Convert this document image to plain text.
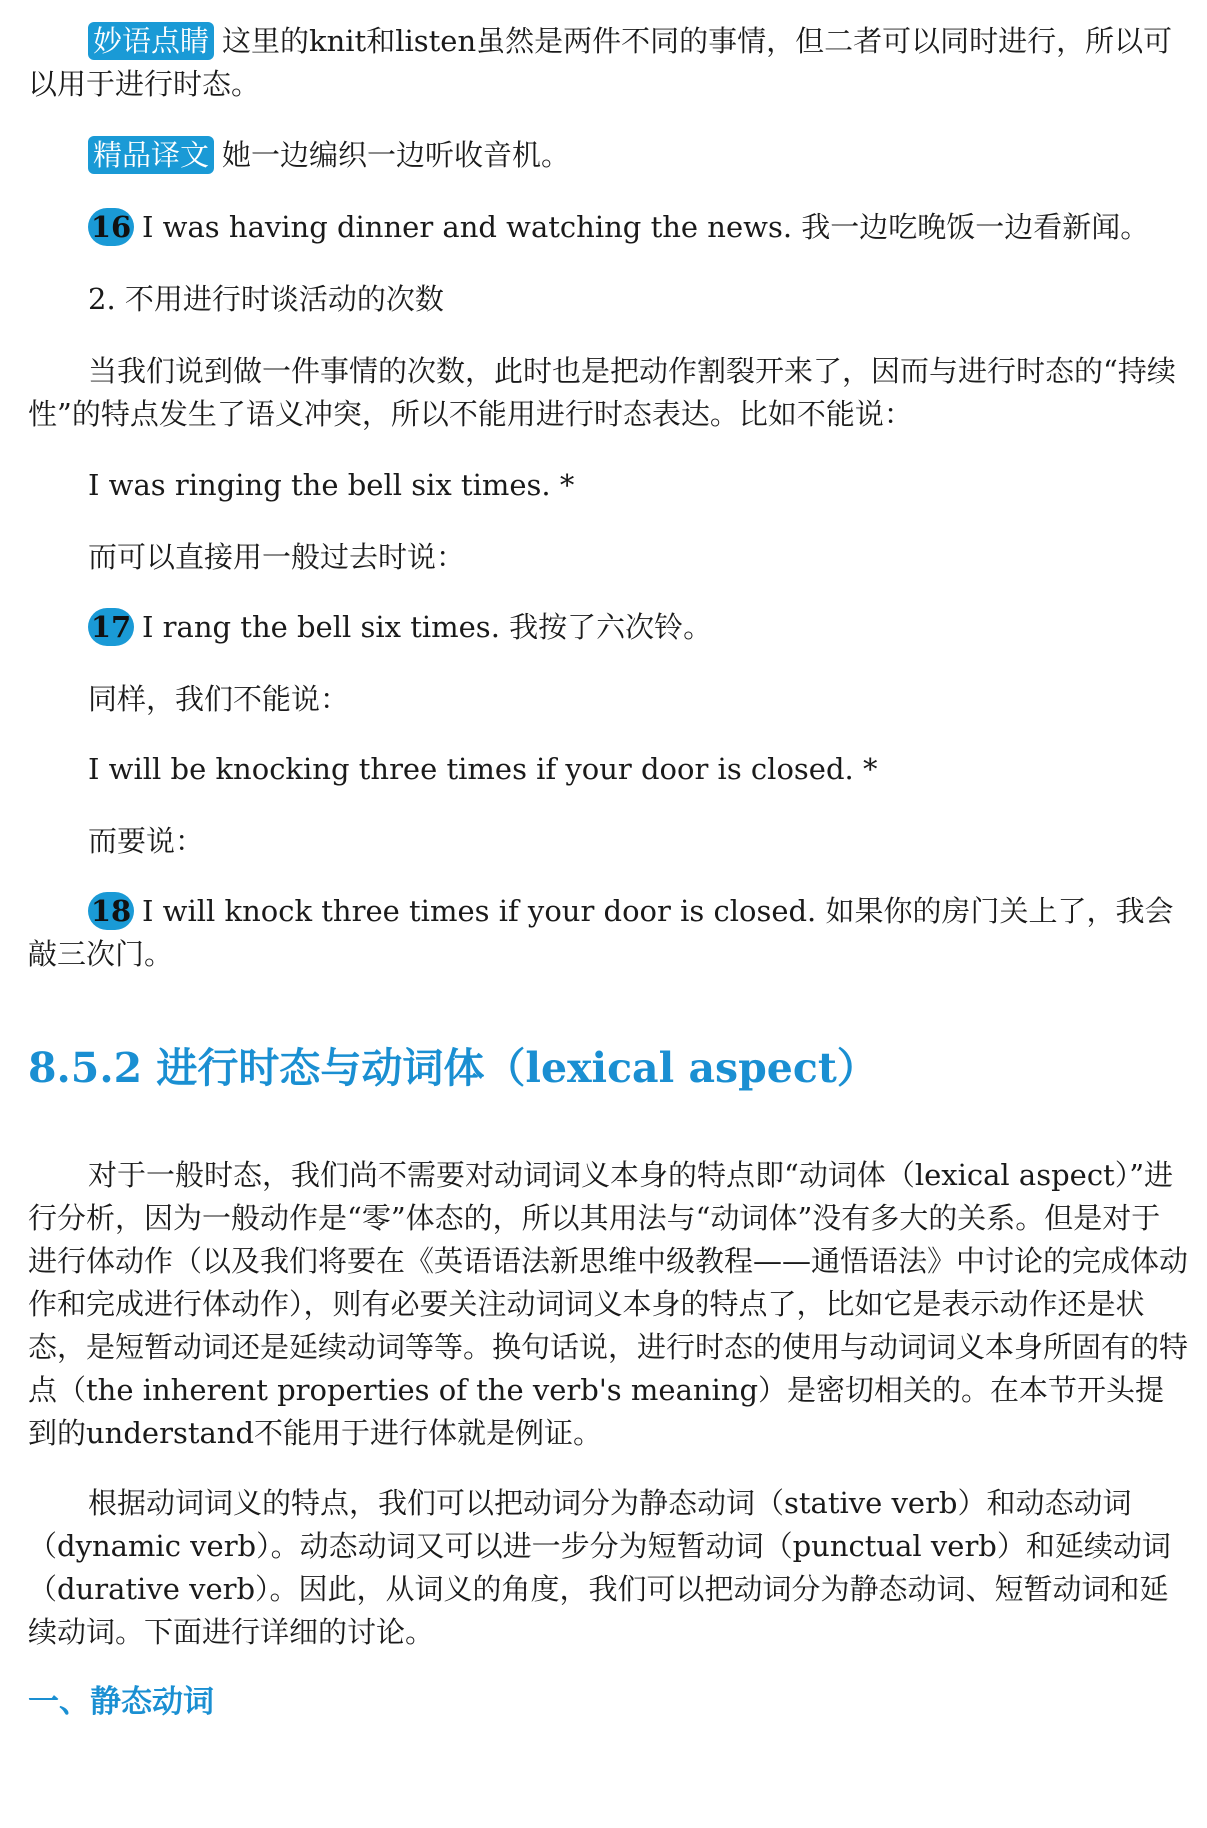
妙语点睛 这里的knit和listen虽然是两件不同的事情，但二者可以同时进行，所以可以用于进行时态。

精品译文 她一边编织一边听收音机。

16 I was having dinner and watching the news. 我一边吃晚饭一边看新闻。

2. 不用进行时谈活动的次数

当我们说到做一件事情的次数，此时也是把动作割裂开来了，因而与进行时态的“持续性”的特点发生了语义冲突，所以不能用进行时态表达。比如不能说：

I was ringing the bell six times. *

而可以直接用一般过去时说：

17 I rang the bell six times. 我按了六次铃。

同样，我们不能说：

I will be knocking three times if your door is closed. *

而要说：

18 I will knock three times if your door is closed. 如果你的房门关上了，我会敲三次门。

8.5.2 进行时态与动词体（lexical aspect）

对于一般时态，我们尚不需要对动词词义本身的特点即“动词体（lexical aspect）”进行分析，因为一般动作是“零”体态的，所以其用法与“动词体”没有多大的关系。但是对于进行体动作（以及我们将要在《英语语法新思维中级教程——通悟语法》中讨论的完成体动作和完成进行体动作），则有必要关注动词词义本身的特点了，比如它是表示动作还是状态，是短暂动词还是延续动词等等。换句话说，进行时态的使用与动词词义本身所固有的特点（the inherent properties of the verb's meaning）是密切相关的。在本节开头提到的understand不能用于进行体就是例证。

根据动词词义的特点，我们可以把动词分为静态动词（stative verb）和动态动词（dynamic verb）。动态动词又可以进一步分为短暂动词（punctual verb）和延续动词（durative verb）。因此，从词义的角度，我们可以把动词分为静态动词、短暂动词和延续动词。下面进行详细的讨论。

一、静态动词
